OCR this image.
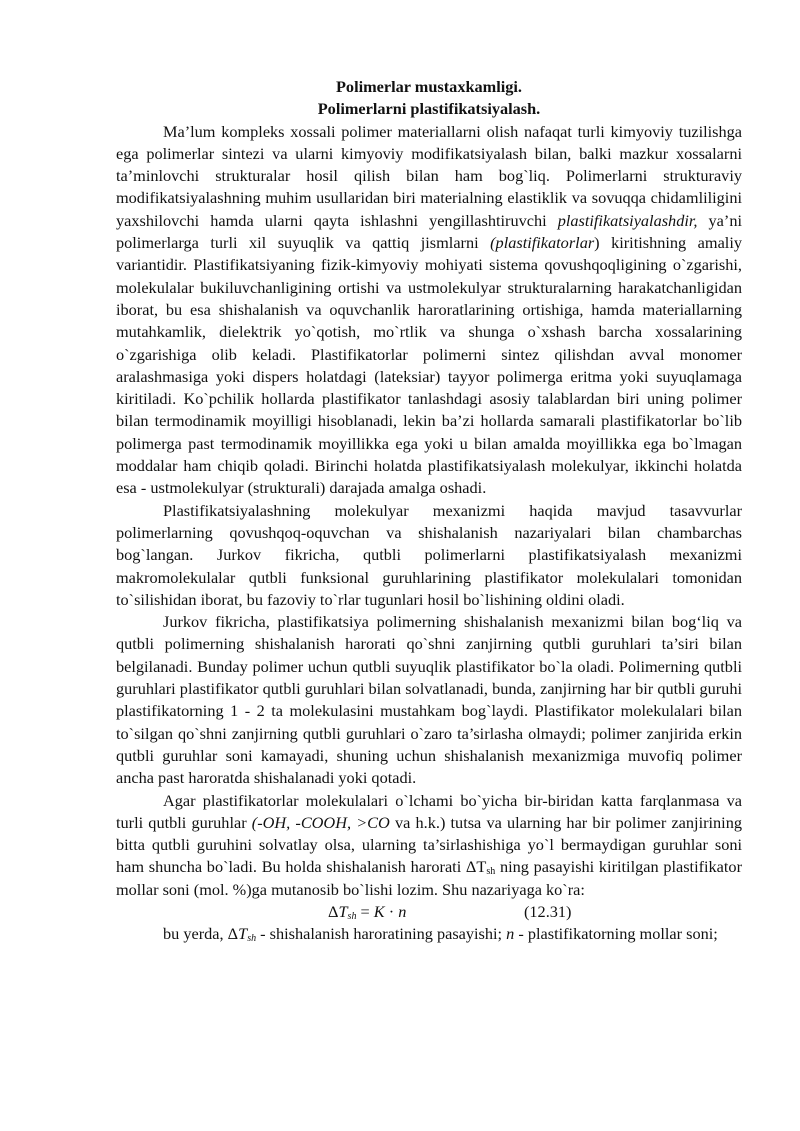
Polimerlar mustaxkamligi.
Polimerlarni plastifikatsiyalash.

Ma’lum kompleks xossali polimer materiallarni olish nafaqat turli kimyoviy tuzilishga ega polimerlar sintezi va ularni kimyoviy modifikatsiyalash bilan, balki mazkur xossalarni ta’minlovchi strukturalar hosil qilish bilan ham bog`liq. Polimerlarni strukturaviy modifikatsiyalashning muhim usullaridan biri materialning elastiklik va sovuqqa chidamliligini yaxshilovchi hamda ularni qayta ishlashni yengillashtiruvchi plastifikatsiyalashdir, ya’ni polimerlarga turli xil suyuqlik va qattiq jismlarni (plastifikatorlar) kiritishning amaliy variantidir. Plastifikatsiyaning fizik-kimyoviy mohiyati sistema qovushqoqligining o`zgarishi, molekulalar bukiluvchanligining ortishi va ustmolekulyar strukturalarning harakatchanligidan iborat, bu esa shishalanish va oquvchanlik haroratlarining ortishiga, hamda materiallarning mutahkamlik, dielektrik yo`qotish, mo`rtlik va shunga o`xshash barcha xossalarining o`zgarishiga olib keladi. Plastifikatorlar polimerni sintez qilishdan avval monomer aralashmasiga yoki dispers holatdagi (lateksiar) tayyor polimerga eritma yoki suyuqlamaga kiritiladi. Ko`pchilik hollarda plastifikator tanlashdagi asosiy talablardan biri uning polimer bilan termodinamik moyilligi hisoblanadi, lekin ba’zi hollarda samarali plastifikatorlar bo`lib polimerga past termodinamik moyillikka ega yoki u bilan amalda moyillikka ega bo`lmagan moddalar ham chiqib qoladi. Birinchi holatda plastifikatsiyalash molekulyar, ikkinchi holatda esa - ustmolekulyar (strukturali) darajada amalga oshadi.

Plastifikatsiyalashning molekulyar mexanizmi haqida mavjud tasavvurlar polimerlarning qovushqoq-oquvchan va shishalanish nazariyalari bilan chambarchas bog`langan. Jurkov fikricha, qutbli polimerlarni plastifikatsiyalash mexanizmi makromolekulalar qutbli funksional guruhlarining plastifikator molekulalari tomonidan to`silishidan iborat, bu fazoviy to`rlar tugunlari hosil bo`lishining oldini oladi.

Jurkov fikricha, plastifikatsiya polimerning shishalanish mexanizmi bilan bog‘liq va qutbli polimerning shishalanish harorati qo`shni zanjirning qutbli guruhlari ta’siri bilan belgilanadi. Bunday polimer uchun qutbli suyuqlik plastifikator bo`la oladi. Polimerning qutbli guruhlari plastifikator qutbli guruhlari bilan solvatlanadi, bunda, zanjirning har bir qutbli guruhi plastifikatorning 1 - 2 ta molekulasini mustahkam bog`laydi. Plastifikator molekulalari bilan to`silgan qo`shni zanjirning qutbli guruhlari o`zaro ta’sirlasha olmaydi; polimer zanjirida erkin qutbli guruhlar soni kamayadi, shuning uchun shishalanish mexanizmiga muvofiq polimer ancha past haroratda shishalanadi yoki qotadi.

Agar plastifikatorlar molekulalari o`lchami bo`yicha bir-biridan katta farqlanmasa va turli qutbli guruhlar (-OH, -COOH, >CO va h.k.) tutsa va ularning har bir polimer zanjirining bitta qutbli guruhini solvatlay olsa, ularning ta’sirlashishiga yo`l bermaydigan guruhlar soni ham shuncha bo`ladi. Bu holda shishalanish harorati $\Delta T_{sh}$ ning pasayishi kiritilgan plastifikator mollar soni (mol. %)ga mutanosib bo`lishi lozim. Shu nazariyaga ko`ra:

$\Delta T_{sh} = K \cdot n$	(12.31)

bu yerda, $\Delta T_{sh}$ - shishalanish haroratining pasayishi; n - plastifikatorning mollar soni;
